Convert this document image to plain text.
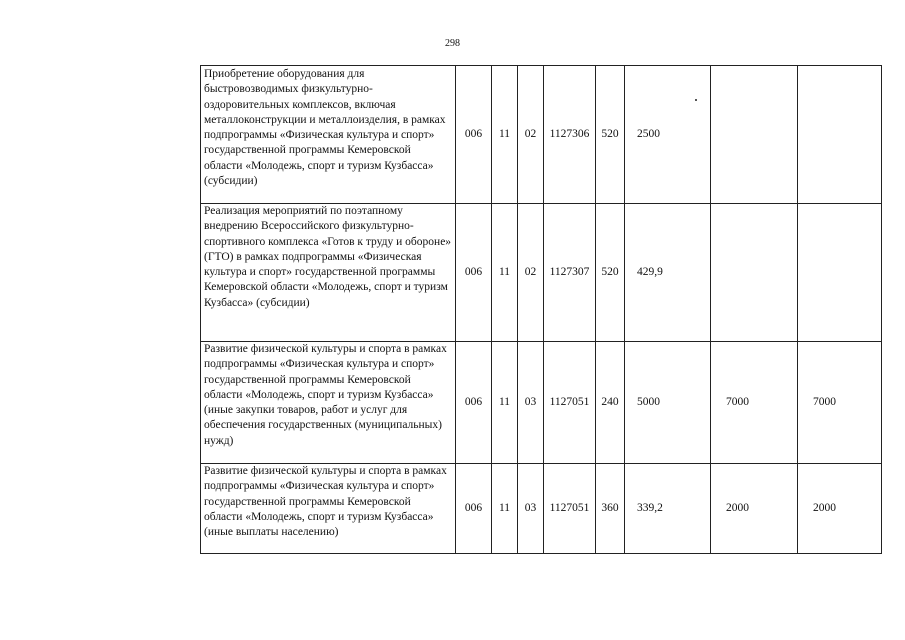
298
Приобретение оборудования для быстровозводимых физкультурно-оздоровительных комплексов, включая металлоконструкции и металлоизделия, в рамках подпрограммы «Физическая культура и спорт» государственной программы Кемеровской области «Молодежь, спорт и туризм Кузбасса» (субсидии)	006	11	02	1127306	520	2500		
Реализация мероприятий по поэтапному внедрению Всероссийского физкультурно-спортивного комплекса «Готов к труду и обороне» (ГТО) в рамках подпрограммы «Физическая культура и спорт» государственной программы Кемеровской области «Молодежь, спорт и туризм Кузбасса» (субсидии)	006	11	02	1127307	520	429,9		
Развитие физической культуры и спорта в рамках подпрограммы «Физическая культура и спорт» государственной программы Кемеровской области «Молодежь, спорт и туризм Кузбасса» (иные закупки товаров, работ и услуг для обеспечения государственных (муниципальных) нужд)	006	11	03	1127051	240	5000	7000	7000
Развитие физической культуры и спорта в рамках подпрограммы «Физическая культура и спорт» государственной программы Кемеровской области «Молодежь, спорт и туризм Кузбасса» (иные выплаты населению)	006	11	03	1127051	360	339,2	2000	2000
